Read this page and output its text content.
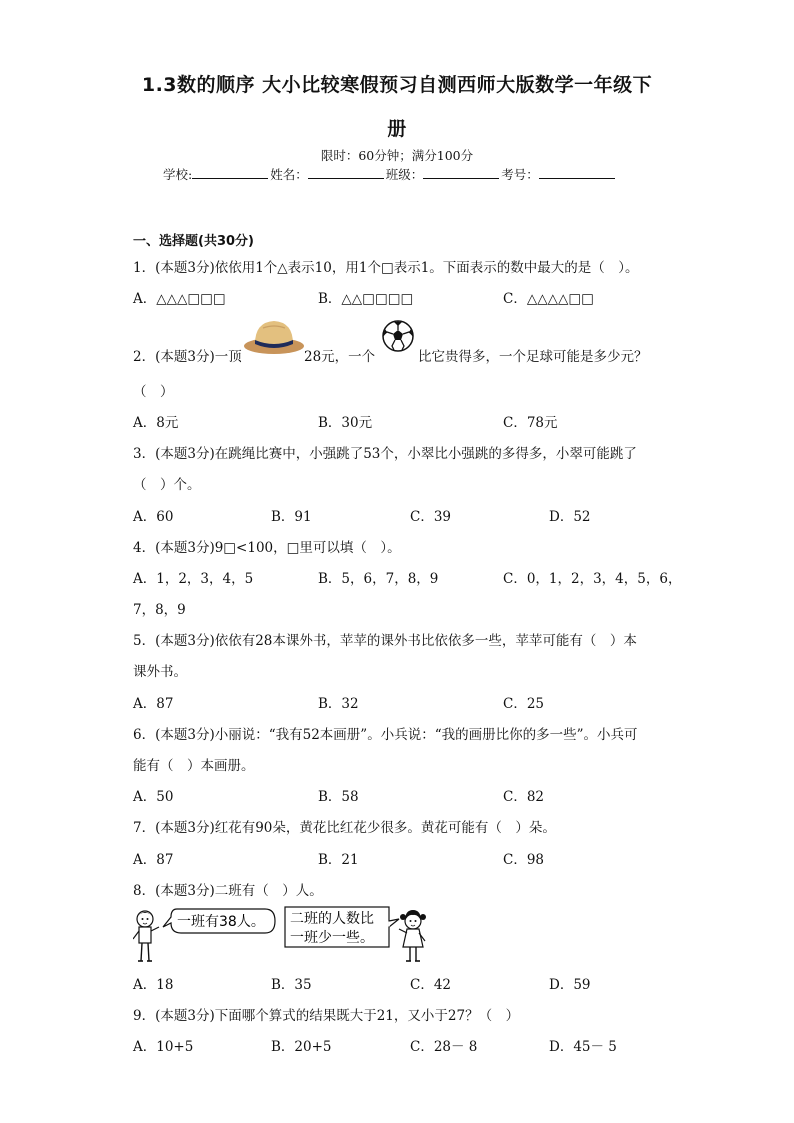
1.3数的顺序 大小比较寒假预习自测西师大版数学一年级下
册
限时：60分钟；满分100分
学校:	姓名：	班级：	考号：
一、选择题(共30分)
1．(本题3分)依依用1个△表示10，用1个□表示1。下面表示的数中最大的是（　）。
A．△△△□□□	B．△△□□□□	C．△△△△□□
2．(本题3分)一顶	28元，一个	比它贵得多，一个足球可能是多少元？
（　）
A．8元	B．30元	C．78元
3．(本题3分)在跳绳比赛中，小强跳了53个，小翠比小强跳的多得多，小翠可能跳了
（　）个。
A．60	B．91	C．39	D．52
4．(本题3分)9□<100，□里可以填（　）。
A．1，2，3，4，5	B．5，6，7，8，9	C．0，1，2，3，4，5，6，
7，8，9
5．(本题3分)依依有28本课外书，苹苹的课外书比依依多一些，苹苹可能有（　）本
课外书。
A．87	B．32	C．25
6．(本题3分)小丽说：“我有52本画册”。小兵说：“我的画册比你的多一些”。小兵可
能有（　）本画册。
A．50	B．58	C．82
7．(本题3分)红花有90朵，黄花比红花少很多。黄花可能有（　）朵。
A．87	B．21	C．98
8．(本题3分)二班有（　）人。
一班有38人。 二班的人数比
一班少一些。
A．18	B．35	C．42	D．59
9．(本题3分)下面哪个算式的结果既大于21，又小于27？（　）
A．10+5	B．20+5	C．28－ 8	D．45－ 5
